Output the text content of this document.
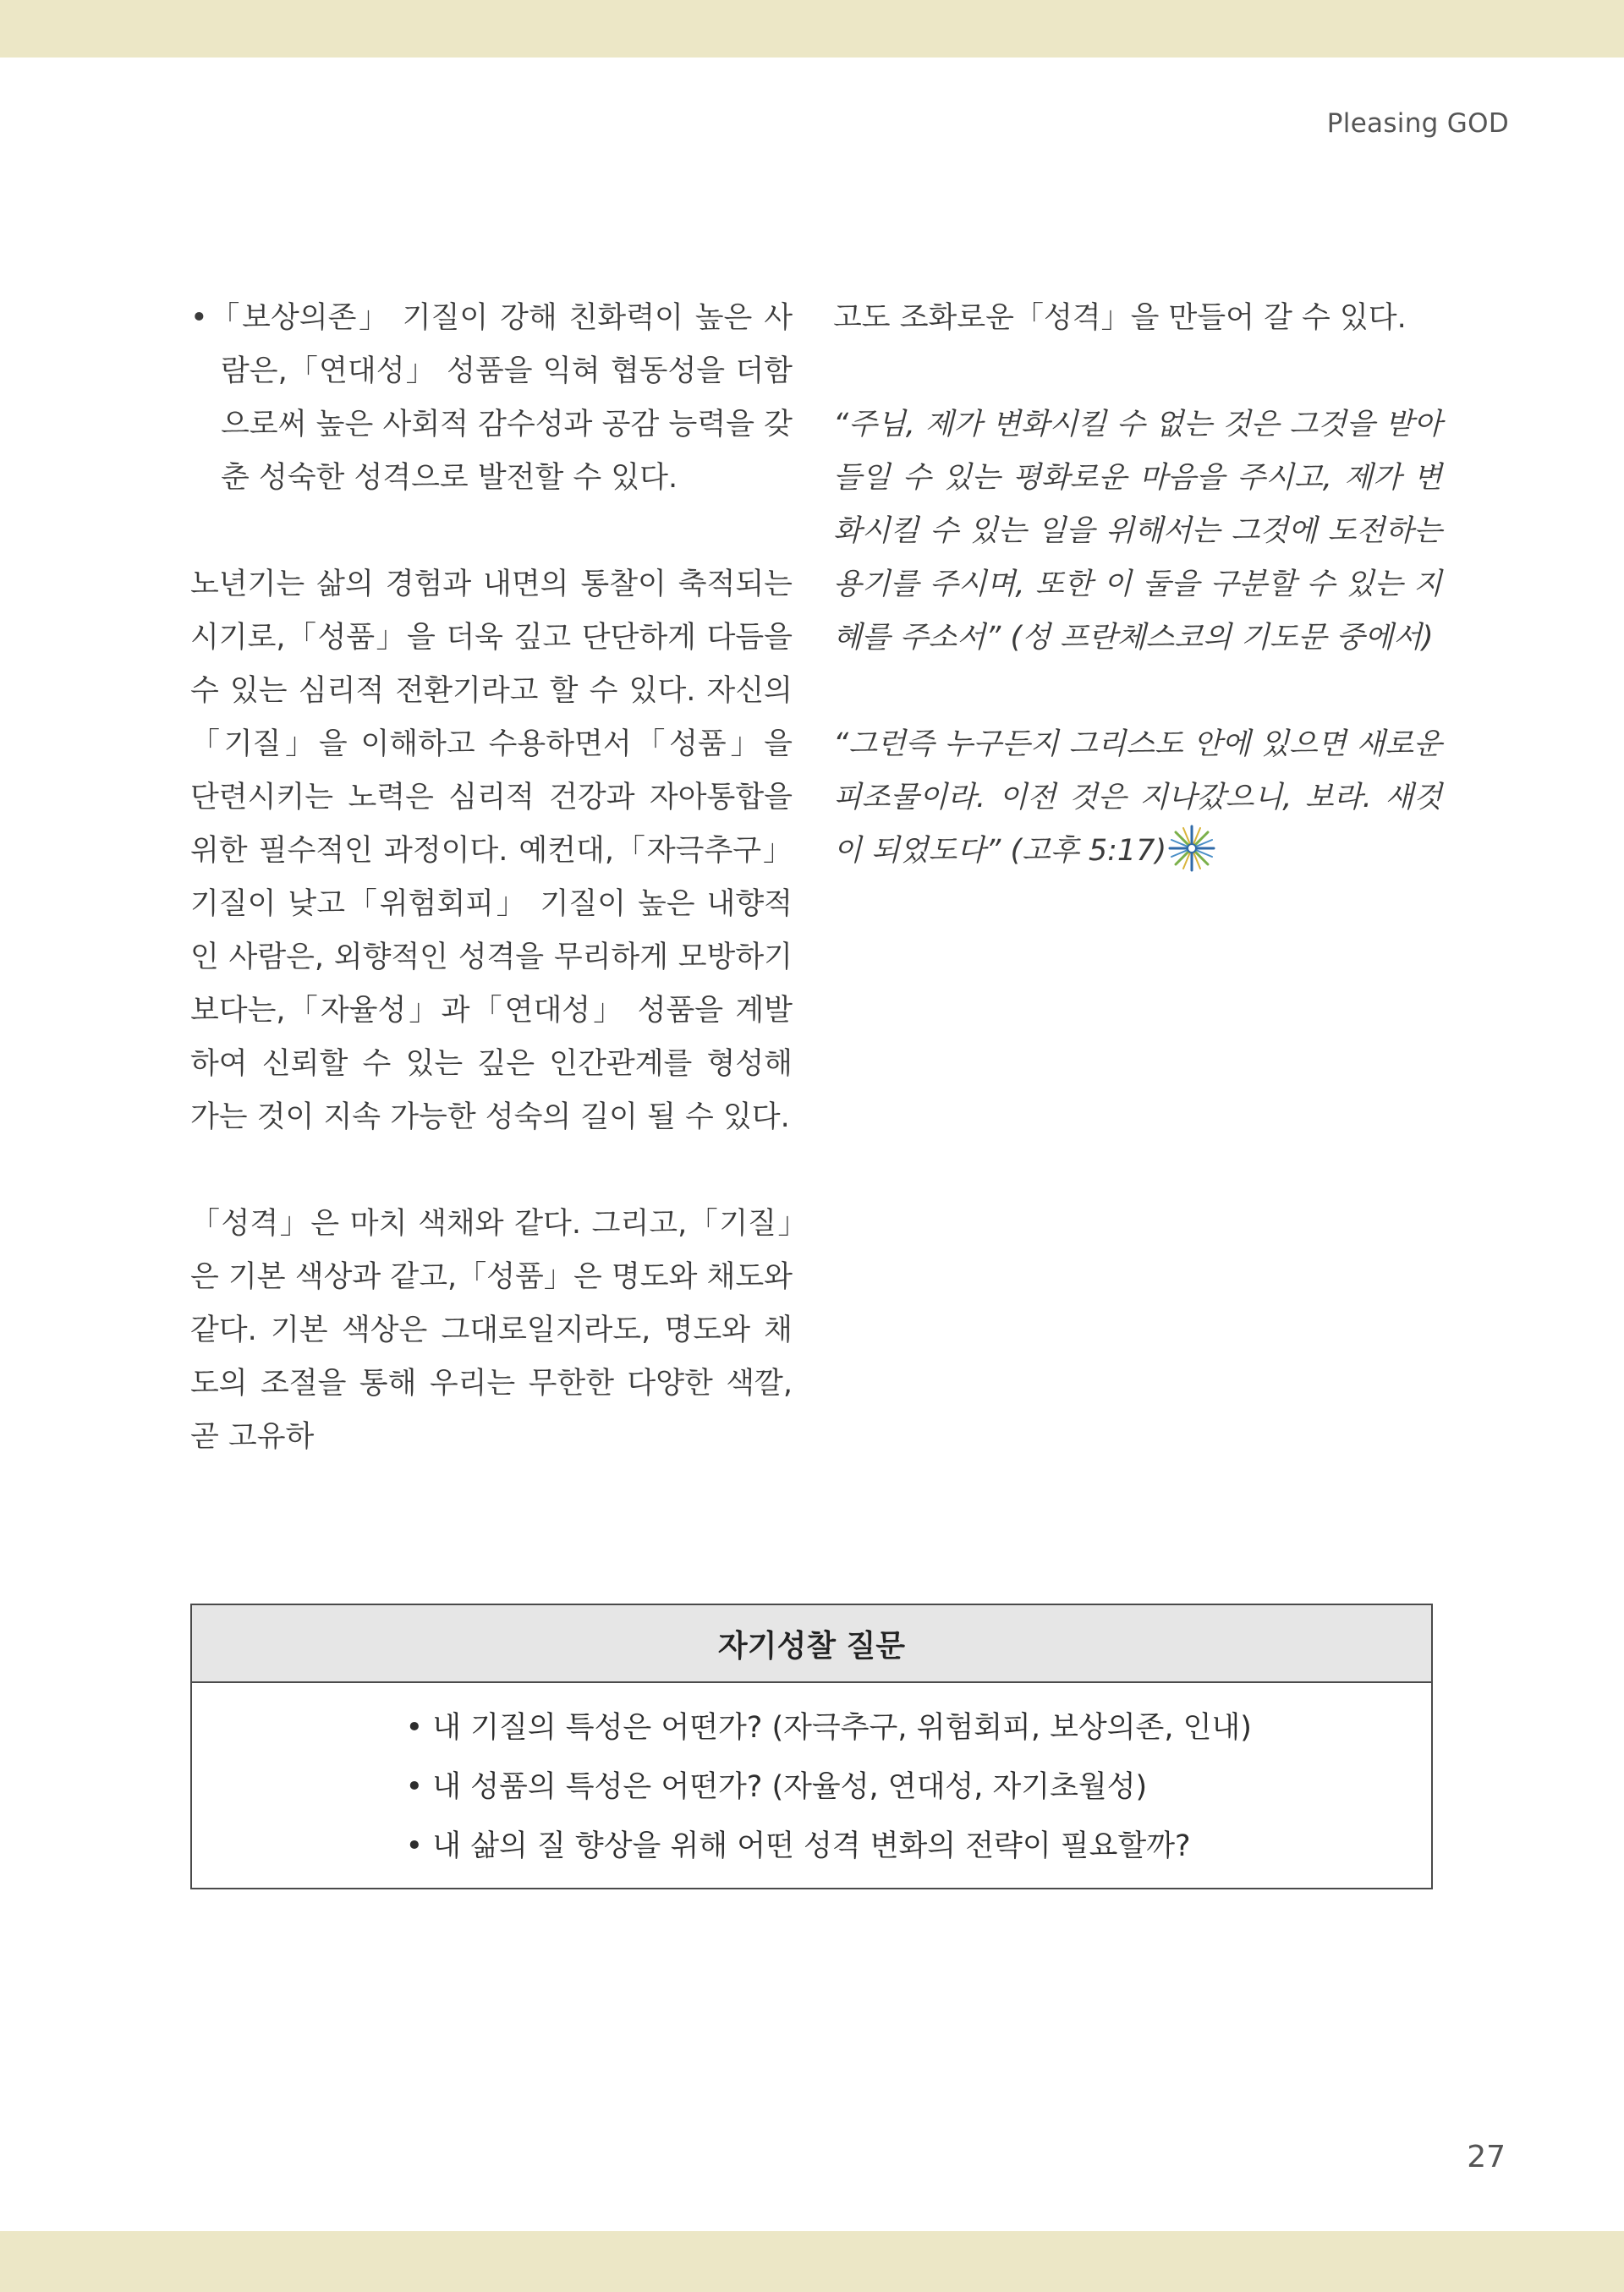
Pleasing GOD

•「보상의존」 기질이 강해 친화력이 높은 사람은,「연대성」 성품을 익혀 협동성을 더함으로써 높은 사회적 감수성과 공감 능력을 갖춘 성숙한 성격으로 발전할 수 있다.

노년기는 삶의 경험과 내면의 통찰이 축적되는 시기로,「성품」을 더욱 깊고 단단하게 다듬을 수 있는 심리적 전환기라고 할 수 있다. 자신의「기질」을 이해하고 수용하면서「성품」을 단련시키는 노력은 심리적 건강과 자아통합을 위한 필수적인 과정이다. 예컨대,「자극추구」 기질이 낮고「위험회피」 기질이 높은 내향적인 사람은, 외향적인 성격을 무리하게 모방하기보다는,「자율성」과「연대성」 성품을 계발하여 신뢰할 수 있는 깊은 인간관계를 형성해 가는 것이 지속 가능한 성숙의 길이 될 수 있다.

「성격」은 마치 색채와 같다. 그리고,「기질」은 기본 색상과 같고,「성품」은 명도와 채도와 같다. 기본 색상은 그대로일지라도, 명도와 채도의 조절을 통해 우리는 무한한 다양한 색깔, 곧 고유하

고도 조화로운「성격」을 만들어 갈 수 있다.

“주님, 제가 변화시킬 수 없는 것은 그것을 받아들일 수 있는 평화로운 마음을 주시고, 제가 변화시킬 수 있는 일을 위해서는 그것에 도전하는 용기를 주시며, 또한 이 둘을 구분할 수 있는 지혜를 주소서” (성 프란체스코의 기도문 중에서)

“그런즉 누구든지 그리스도 안에 있으면 새로운 피조물이라. 이전 것은 지나갔으니, 보라. 새것이 되었도다” (고후 5:17)

자기성찰 질문
• 내 기질의 특성은 어떤가? (자극추구, 위험회피, 보상의존, 인내)
• 내 성품의 특성은 어떤가? (자율성, 연대성, 자기초월성)
• 내 삶의 질 향상을 위해 어떤 성격 변화의 전략이 필요할까?
27
